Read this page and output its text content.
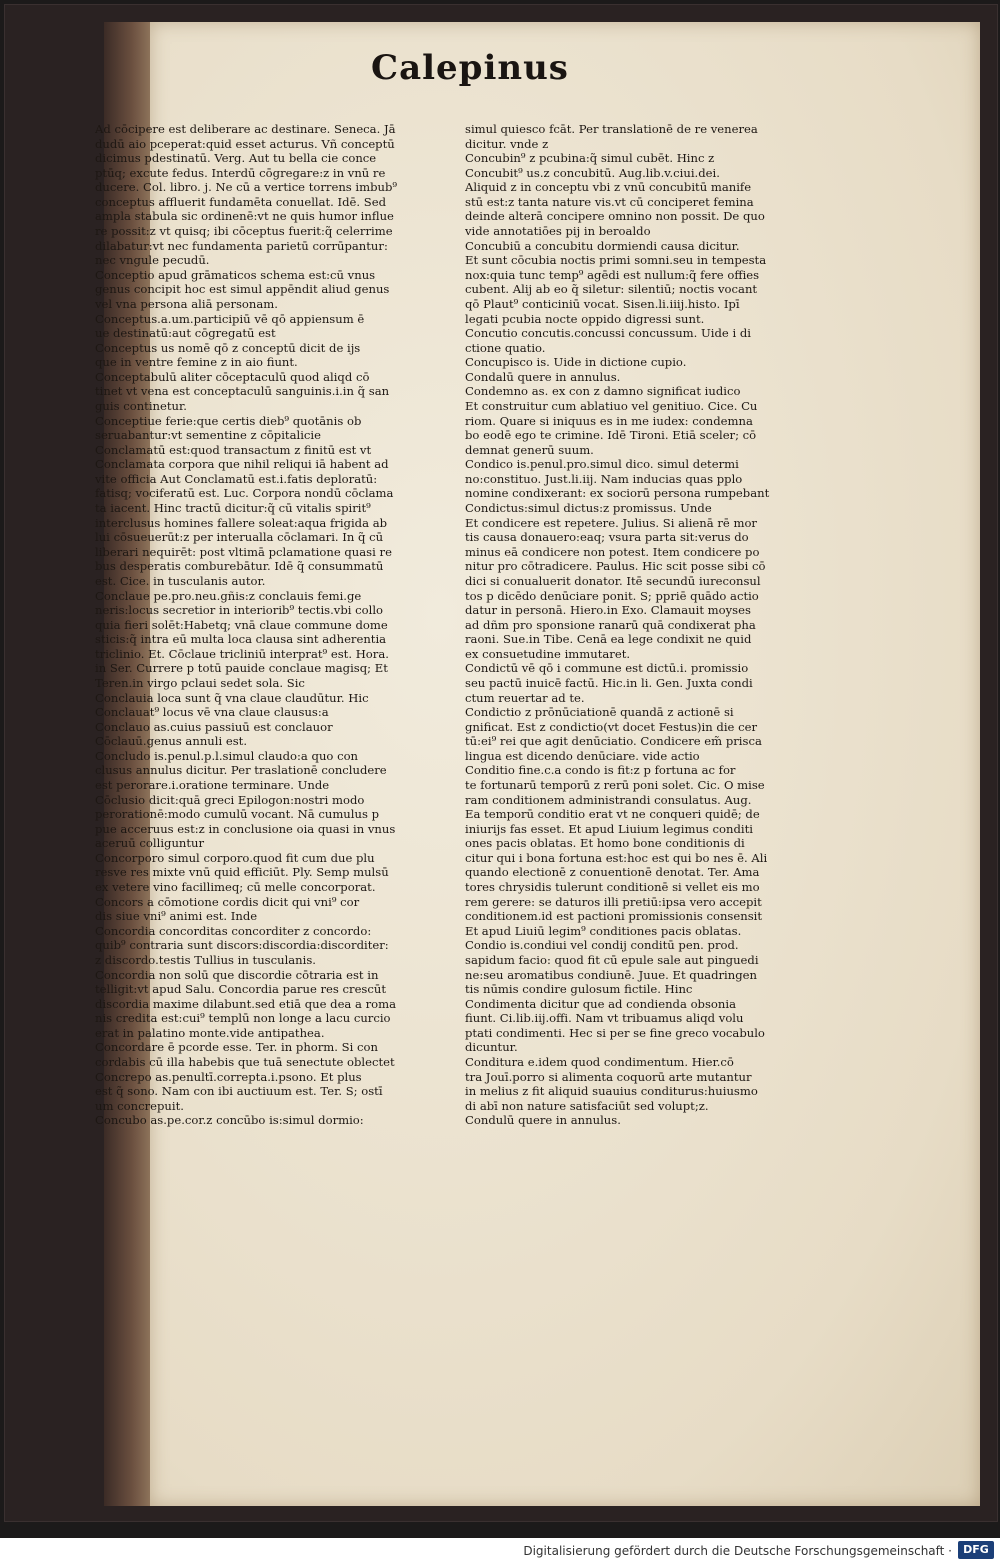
Calepinus
Ad cōcipere est deliberare ac destinare. Seneca. Jā
dudū aio pceperat:quid esset acturus. Vñ conceptū
dicimus pdestinatū. Verg. Aut tu bella cie conce
ptūq; excute fedus. Interdū cōgregare:z in vnū re
ducere. Col. libro. j. Ne cū a vertice torrens imbub⁹
conceptus affluerit fundamēta conuellat. Idē. Sed
ampla stabula sic ordinenē:vt ne quis humor influe
re possit:z vt quisq; ibi cōceptus fuerit:q̃ celerrime
dilabatur:vt nec fundamenta parietū corrūpantur:
nec vngule pecudū.
Conceptio apud grāmaticos schema est:cū vnus
genus concipit hoc est simul appēndit aliud genus
vel vna persona aliā personam.
Conceptus.a.um.participiū vē qō appiensum ē
ue destinatū:aut cōgregatū est
Conceptus us nomē qō z conceptū dicit de ijs
que in ventre femine z in aio fiunt.
Conceptabulū aliter cōceptaculū quod aliqd cō
tinet vt vena est conceptaculū sanguinis.i.in q̃ san
guis continetur.
Conceptiue ferie:que certis dieb⁹ quotānis ob
seruabantur:vt sementine z cōpitalicie
Conclamatū est:quod transactum z finitū est vt
Conclamata corpora que nihil reliqui iā habent ad
vite officia Aut Conclamatū est.i.fatis deploratū:
fatisq; vociferatū est. Luc. Corpora nondū cōclama
ta iacent. Hinc tractū dicitur:q̃ cū vitalis spirit⁹
interclusus homines fallere soleat:aqua frigida ab
lui cōsueuerūt:z per interualla cōclamari. In q̃ cū
liberari nequirēt: post vltimā pclamatione quasi re
bus desperatis comburebātur. Idē q̃ consummatū
est. Cice. in tusculanis autor.
Conclaue pe.pro.neu.gñis:z conclauis femi.ge
neris:locus secretior in interiorib⁹ tectis.vbi collo
quia fieri solēt:Habetq; vnā claue commune dome
sticis:q̃ intra eū multa loca clausa sint adherentia
triclinio. Et. Cōclaue tricliniū interprat⁹ est. Hora.
in Ser. Currere p totū pauide conclaue magisq; Et
Teren.in virgo pclaui sedet sola. Sic
Conclauia loca sunt q̃ vna claue claudūtur. Hic
Conclauat⁹ locus vē vna claue clausus:a
Conclauo as.cuius passiuū est conclauor
Cōclauū.genus annuli est.
Concludo is.penul.p.l.simul claudo:a quo con
clusus annulus dicitur. Per traslationē concludere
est perorare.i.oratione terminare. Unde
Cōclusio dicit:quā greci Epilogon:nostri modo
perorationē:modo cumulū vocant. Nā cumulus p
pue acceruus est:z in conclusione oia quasi in vnus
aceruū colliguntur
Concorporo simul corporo.quod fit cum due plu
resve res mixte vnū quid efficiūt. Ply. Semp mulsū
ex vetere vino facillimeq; cū melle concorporat.
Concors a cōmotione cordis dicit qui vni⁹ cor
dis siue vni⁹ animi est. Inde
Concordia concorditas concorditer z concordo:
quib⁹ contraria sunt discors:discordia:discorditer:
z discordo.testis Tullius in tusculanis.
Concordia non solū que discordie cōtraria est in
telligit:vt apud Salu. Concordia parue res crescūt
discordia maxime dilabunt.sed etiā que dea a roma
nis credita est:cui⁹ templū non longe a lacu curcio
erat in palatino monte.vide antipathea.
Concordare ē pcorde esse. Ter. in phorm. Si con
cordabis cū illa habebis que tuā senectute oblectet
Concrepo as.penultī.correpta.i.psono. Et plus
est q̃ sono. Nam con ibi auctiuum est. Ter. S; ostī
um concrepuit.
Concubo as.pe.cor.z concūbo is:simul dormio:
simul quiesco fcāt. Per translationē de re venerea
dicitur. vnde z
Concubin⁹ z pcubina:q̃ simul cubēt. Hinc z
Concubit⁹ us.z concubitū. Aug.lib.v.ciui.dei.
Aliquid z in conceptu vbi z vnū concubitū manife
stū est:z tanta nature vis.vt cū conciperet femina
deinde alterā concipere omnino non possit. De quo
vide annotatiōes pij in beroaldo
Concubiū a concubitu dormiendi causa dicitur.
Et sunt cōcubia noctis primi somni.seu in tempesta
nox:quia tunc temp⁹ agēdi est nullum:q̃ fere offies
cubent. Alij ab eo q̃ siletur: silentiū; noctis vocant
qō Plaut⁹ conticiniū vocat. Sisen.li.iiij.histo. Ipī
legati pcubia nocte oppido digressi sunt.
Concutio concutis.concussi concussum. Uide i di
ctione quatio.
Concupisco is. Uide in dictione cupio.
Condalū quere in annulus.
Condemno as. ex con z damno significat iudico
Et construitur cum ablatiuo vel genitiuo. Cice. Cu
riom. Quare si iniquus es in me iudex: condemna
bo eodē ego te crimine. Idē Tironi. Etiā sceler; cō
demnat generū suum.
Condico is.penul.pro.simul dico. simul determi
no:constituo. Just.li.iij. Nam inducias quas pplo
nomine condixerant: ex sociorū persona rumpebant
Condictus:simul dictus:z promissus. Unde
Et condicere est repetere. Julius. Si alienā rē mor
tis causa donauero:eaq; vsura parta sit:verus do
minus eā condicere non potest. Item condicere po
nitur pro cōtradicere. Paulus. Hic scit posse sibi cō
dici si conualuerit donator. Itē secundū iureconsul
tos p dicēdo denūciare ponit. S; ppriē quādo actio
datur in personā. Hiero.in Exo. Clamauit moyses
ad dñm pro sponsione ranarū quā condixerat pha
raoni. Sue.in Tibe. Cenā ea lege condixit ne quid
ex consuetudine immutaret.
Condictū vē qō i commune est dictū.i. promissio
seu pactū inuicē factū. Hic.in li. Gen. Juxta condi
ctum reuertar ad te.
Condictio z prōnūciationē quandā z actionē si
gnificat. Est z condictio(vt docet Festus)in die cer
tū:ei⁹ rei que agit denūciatio. Condicere em̃ prisca
lingua est dicendo denūciare. vide actio
Conditio fine.c.a condo is fit:z p fortuna ac for
te fortunarū temporū z rerū poni solet. Cic. O mise
ram conditionem administrandi consulatus. Aug.
Ea temporū conditio erat vt ne conqueri quidē; de
iniurijs fas esset. Et apud Liuium legimus conditi
ones pacis oblatas. Et homo bone conditionis di
citur qui i bona fortuna est:hoc est qui bo nes ē. Ali
quando electionē z conuentionē denotat. Ter. Ama
tores chrysidis tulerunt conditionē si vellet eis mo
rem gerere: se daturos illi pretiū:ipsa vero accepit
conditionem.id est pactioni promissionis consensit
Et apud Liuiū legim⁹ conditiones pacis oblatas.
Condio is.condiui vel condij conditū pen. prod.
sapidum facio: quod fit cū epule sale aut pinguedi
ne:seu aromatibus condiunē. Juue. Et quadringen
tis nūmis condire gulosum fictile. Hinc
Condimenta dicitur que ad condienda obsonia
fiunt. Ci.lib.iij.offi. Nam vt tribuamus aliqd volu
ptati condimenti. Hec si per se fine greco vocabulo
dicuntur.
Conditura e.idem quod condimentum. Hier.cō
tra Jouī.porro si alimenta coquorū arte mutantur
in melius z fit aliquid suauius conditurus:huiusmo
di abī non nature satisfaciūt sed volupt;z.
Condulū quere in annulus.
Digitalisierung gefördert durch die Deutsche Forschungsgemeinschaft ·	DFG
